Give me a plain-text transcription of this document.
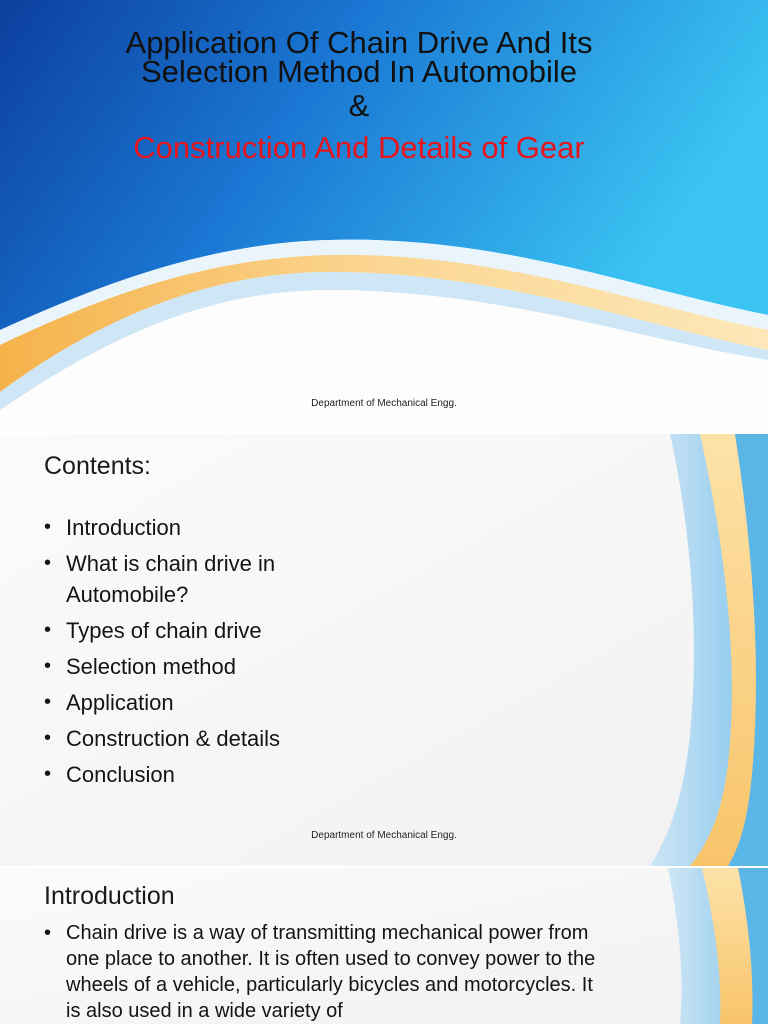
Application Of Chain Drive And Its
Selection Method In Automobile
&
Construction And Details of Gear
Department of Mechanical Engg.
Contents:
• Introduction
• What is chain drive in Automobile?
• Types of chain drive
• Selection method
• Application
• Construction & details
• Conclusion
Department of Mechanical Engg.
Introduction
• Chain drive is a way of transmitting mechanical power from one place to another. It is often used to convey power to the wheels of a vehicle, particularly bicycles and motorcycles. It is also used in a wide variety of
